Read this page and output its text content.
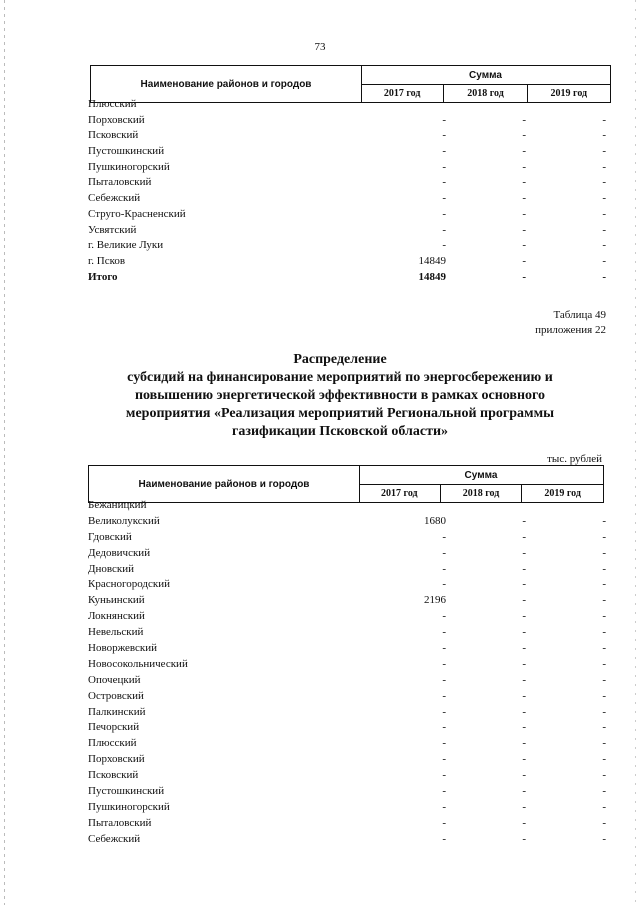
73
Наименование районов и городов
Сумма
2017 год	2018 год	2019 год
Плюсский
Порховский	-	-	-
Псковский	-	-	-
Пустошкинский	-	-	-
Пушкиногорский	-	-	-
Пыталовский	-	-	-
Себежский	-	-	-
Струго-Красненский	-	-	-
Усвятский	-	-	-
г. Великие Луки	-	-	-
г. Псков	14849	-	-
Итого	14849	-	-
Таблица 49
приложения 22
Распределение
субсидий на финансирование мероприятий по энергосбережению и
повышению энергетической эффективности в рамках основного
мероприятия «Реализация мероприятий Региональной программы
газификации Псковской области»
тыс. рублей
Наименование районов и городов
Сумма
2017 год	2018 год	2019 год
Бежаницкий
Великолукский	1680	-	-
Гдовский	-	-	-
Дедовичский	-	-	-
Дновский	-	-	-
Красногородский	-	-	-
Куньинский	2196	-	-
Локнянский	-	-	-
Невельский	-	-	-
Новоржевский	-	-	-
Новосокольнический	-	-	-
Опочецкий	-	-	-
Островский	-	-	-
Палкинский	-	-	-
Печорский	-	-	-
Плюсский	-	-	-
Порховский	-	-	-
Псковский	-	-	-
Пустошкинский	-	-	-
Пушкиногорский	-	-	-
Пыталовский	-	-	-
Себежский	-	-	-
